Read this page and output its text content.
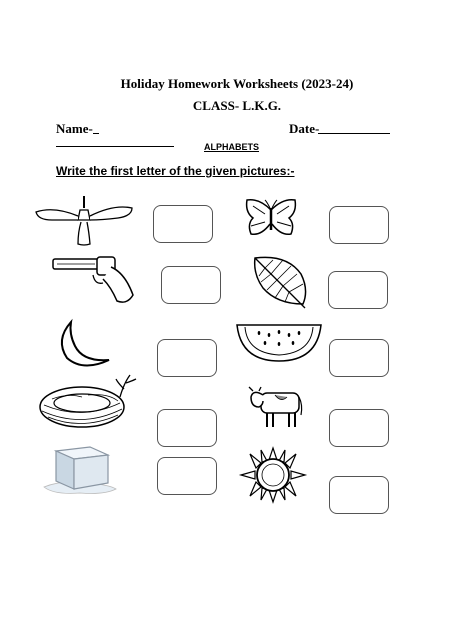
Holiday Homework Worksheets (2023-24)
CLASS- L.K.G.
Name-	Date-
ALPHABETS
Write the first letter of the given pictures:-
